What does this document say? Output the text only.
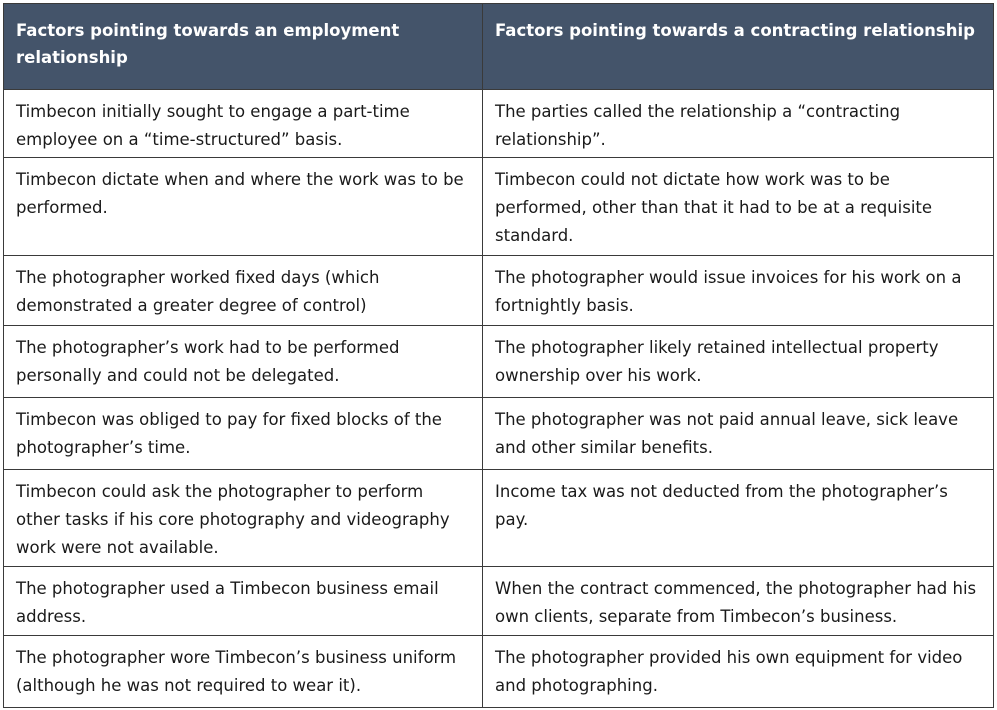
Factors pointing towards an employment relationship	Factors pointing towards a contracting relationship
Timbecon initially sought to engage a part-time employee on a “time-structured” basis.	The parties called the relationship a “contracting relationship”.
Timbecon dictate when and where the work was to be performed.	Timbecon could not dictate how work was to be performed, other than that it had to be at a requisite standard.
The photographer worked fixed days (which demonstrated a greater degree of control)	The photographer would issue invoices for his work on a fortnightly basis.
The photographer’s work had to be performed personally and could not be delegated.	The photographer likely retained intellectual property ownership over his work.
Timbecon was obliged to pay for fixed blocks of the photographer’s time.	The photographer was not paid annual leave, sick leave and other similar benefits.
Timbecon could ask the photographer to perform other tasks if his core photography and videography work were not available.	Income tax was not deducted from the photographer’s pay.
The photographer used a Timbecon business email address.	When the contract commenced, the photographer had his own clients, separate from Timbecon’s business.
The photographer wore Timbecon’s business uniform (although he was not required to wear it).	The photographer provided his own equipment for video and photographing.
